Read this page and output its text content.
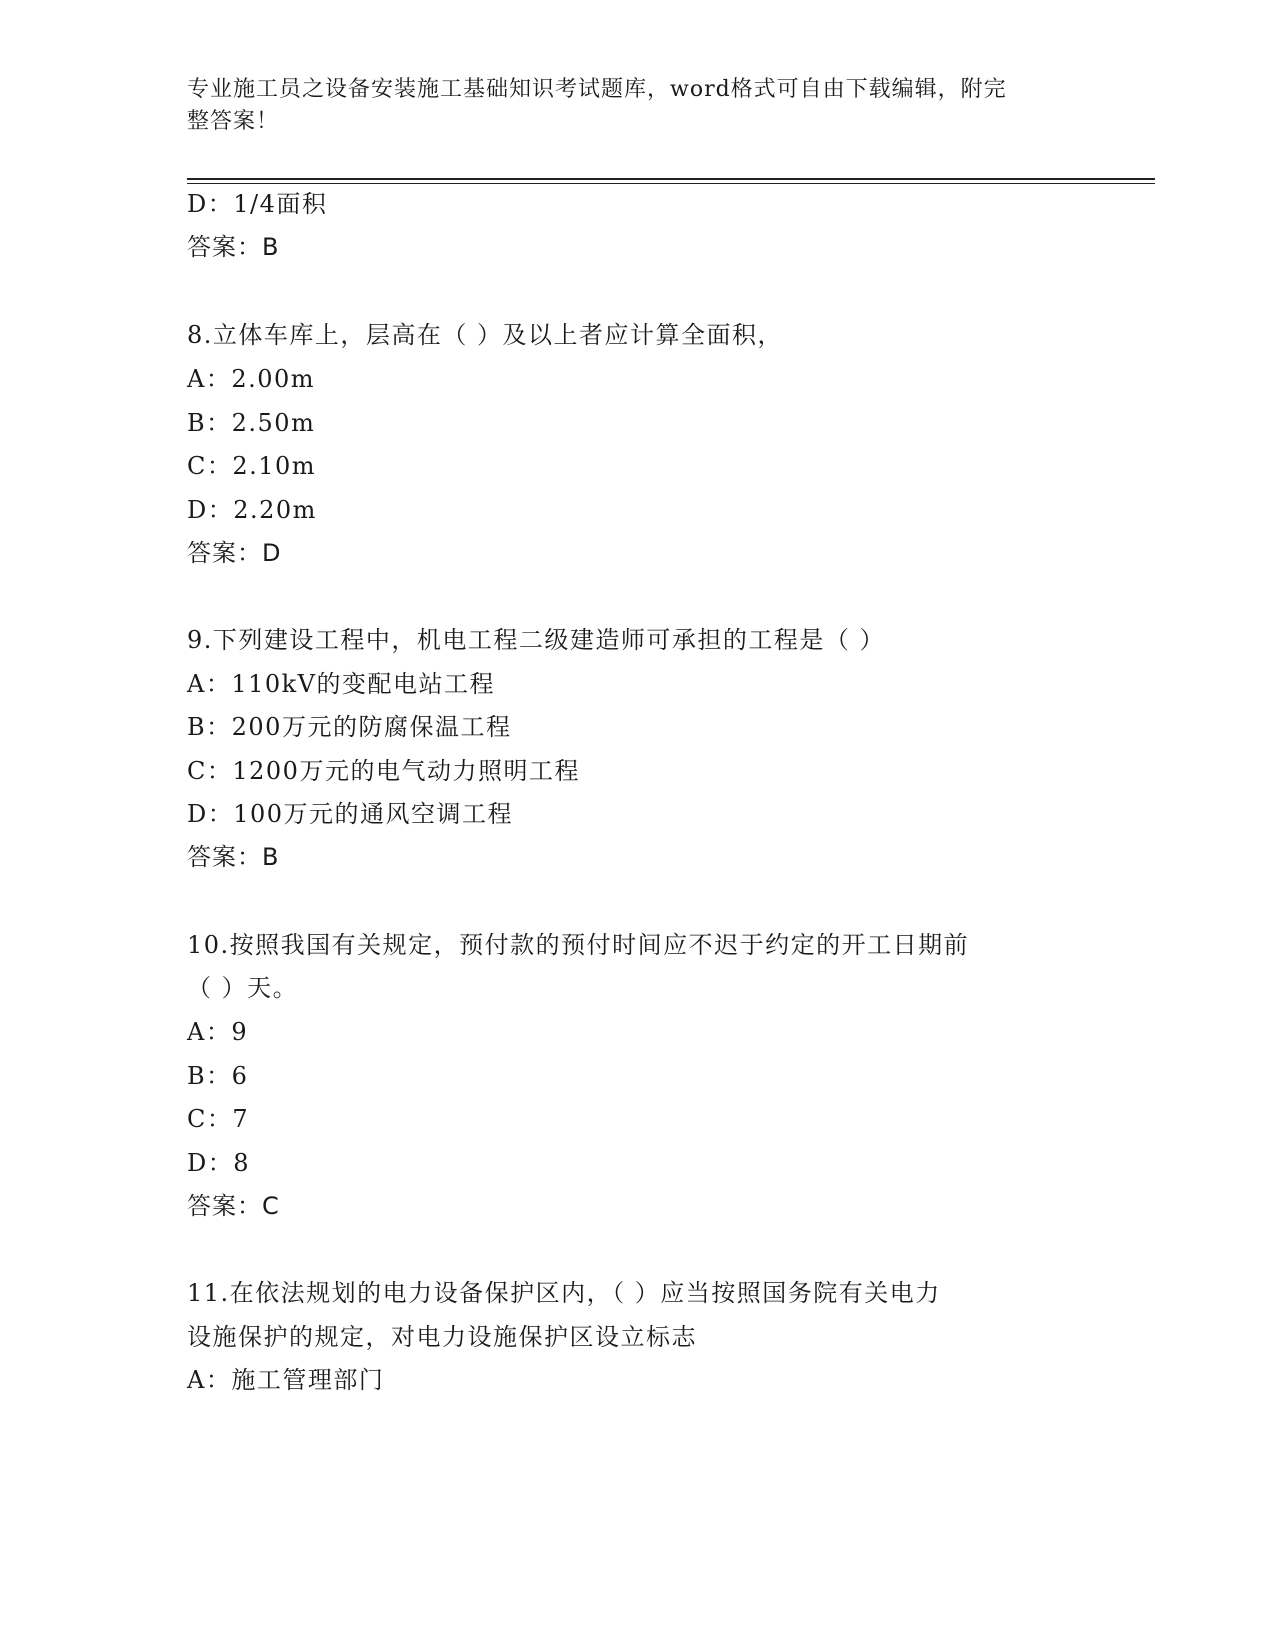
专业施工员之设备安装施工基础知识考试题库，word格式可自由下载编辑，附完
整答案！
D：1/4面积
答案：B
8.立体车库上，层高在（ ）及以上者应计算全面积，
A：2.00m
B：2.50m
C：2.10m
D：2.20m
答案：D
9.下列建设工程中，机电工程二级建造师可承担的工程是（ ）
A：110kV的变配电站工程
B：200万元的防腐保温工程
C：1200万元的电气动力照明工程
D：100万元的通风空调工程
答案：B
10.按照我国有关规定，预付款的预付时间应不迟于约定的开工日期前
（ ）天。
A：9
B：6
C：7
D：8
答案：C
11.在依法规划的电力设备保护区内，（ ）应当按照国务院有关电力
设施保护的规定，对电力设施保护区设立标志
A：施工管理部门
